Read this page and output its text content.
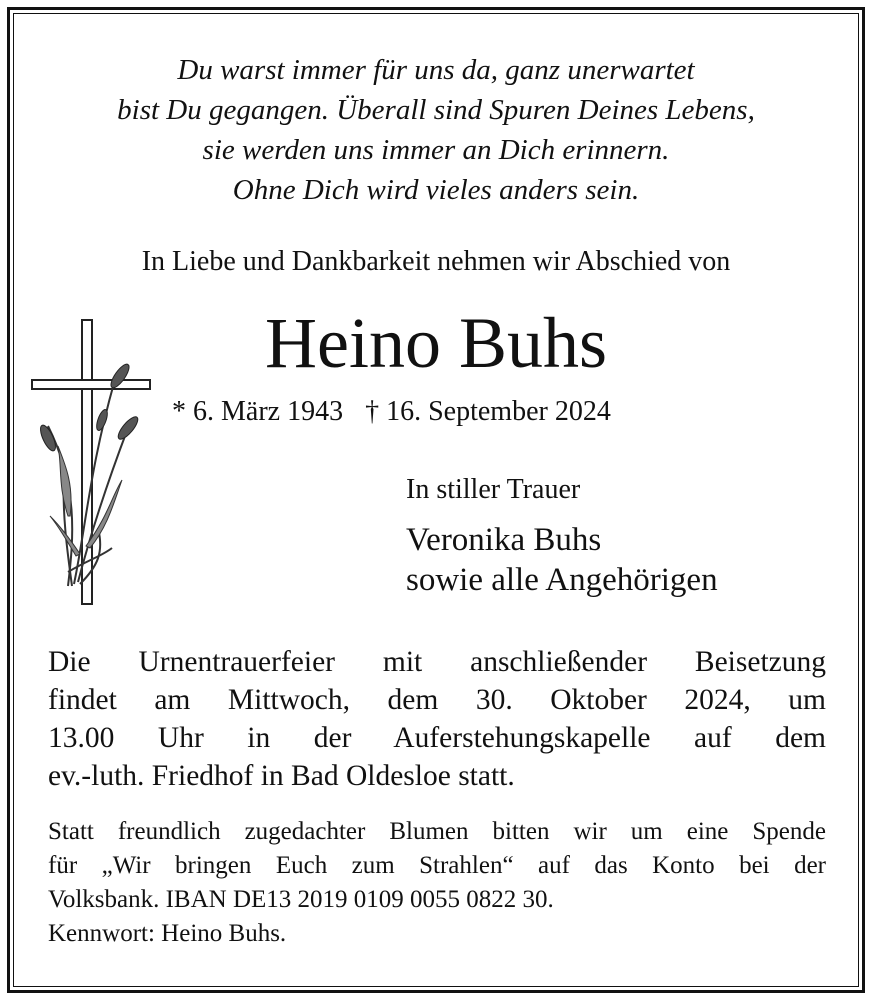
Du warst immer für uns da, ganz unerwartet
bist Du gegangen. Überall sind Spuren Deines Lebens,
sie werden uns immer an Dich erinnern.
Ohne Dich wird vieles anders sein.

In Liebe und Dankbarkeit nehmen wir Abschied von

Heino Buhs
* 6. März 1943 † 16. September 2024
In stiller Trauer
Veronika Buhs
sowie alle Angehörigen

Die Urnentrauerfeier mit anschließender Beisetzung
findet am Mittwoch, dem 30. Oktober 2024, um
13.00 Uhr in der Auferstehungskapelle auf dem
ev.-luth. Friedhof in Bad Oldesloe statt.

Statt freundlich zugedachter Blumen bitten wir um eine Spende
für „Wir bringen Euch zum Strahlen“ auf das Konto bei der
Volksbank. IBAN DE13 2019 0109 0055 0822 30.
Kennwort: Heino Buhs.
